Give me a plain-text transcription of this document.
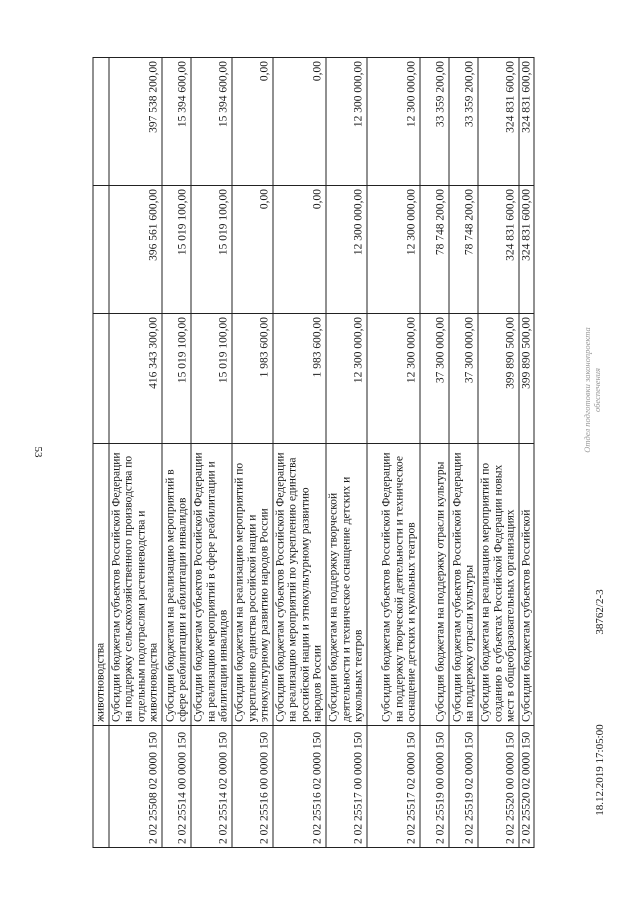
53
18.12.2019 17:05:00
38762/2-3
Отдел подготовки законопроекта обеспечения
	животноводства			
2 02 25508 02 0000 150	Субсидии бюджетам субъектов Российской Федерации на поддержку сельскохозяйственного производства по отдельным подотраслям растениеводства и животноводства	416 343 300,00	396 561 600,00	397 538 200,00
2 02 25514 00 0000 150	Субсидии бюджетам на реализацию мероприятий в сфере реабилитации и абилитации инвалидов	15 019 100,00	15 019 100,00	15 394 600,00
2 02 25514 02 0000 150	Субсидии бюджетам субъектов Российской Федерации на реализацию мероприятий в сфере реабилитации и абилитации инвалидов	15 019 100,00	15 019 100,00	15 394 600,00
2 02 25516 00 0000 150	Субсидии бюджетам на реализацию мероприятий по укреплению единства российской нации и этнокультурному развитию народов России	1 983 600,00	0,00	0,00
2 02 25516 02 0000 150	Субсидии бюджетам субъектов Российской Федерации на реализацию мероприятий по укреплению единства российской нации и этнокультурному развитию народов России	1 983 600,00	0,00	0,00
2 02 25517 00 0000 150	Субсидии бюджетам на поддержку творческой деятельности и техническое оснащение детских и кукольных театров	12 300 000,00	12 300 000,00	12 300 000,00
2 02 25517 02 0000 150	Субсидии бюджетам субъектов Российской Федерации на поддержку творческой деятельности и техническое оснащение детских и кукольных театров	12 300 000,00	12 300 000,00	12 300 000,00
2 02 25519 00 0000 150	Субсидия бюджетам на поддержку отрасли культуры	37 300 000,00	78 748 200,00	33 359 200,00
2 02 25519 02 0000 150	Субсидии бюджетам субъектов Российской Федерации на поддержку отрасли культуры	37 300 000,00	78 748 200,00	33 359 200,00
2 02 25520 00 0000 150	Субсидии бюджетам на реализацию мероприятий по созданию в субъектах Российской Федерации новых мест в общеобразовательных организациях	399 890 500,00	324 831 600,00	324 831 600,00
2 02 25520 02 0000 150	Субсидии бюджетам субъектов Российской	399 890 500,00	324 831 600,00	324 831 600,00
